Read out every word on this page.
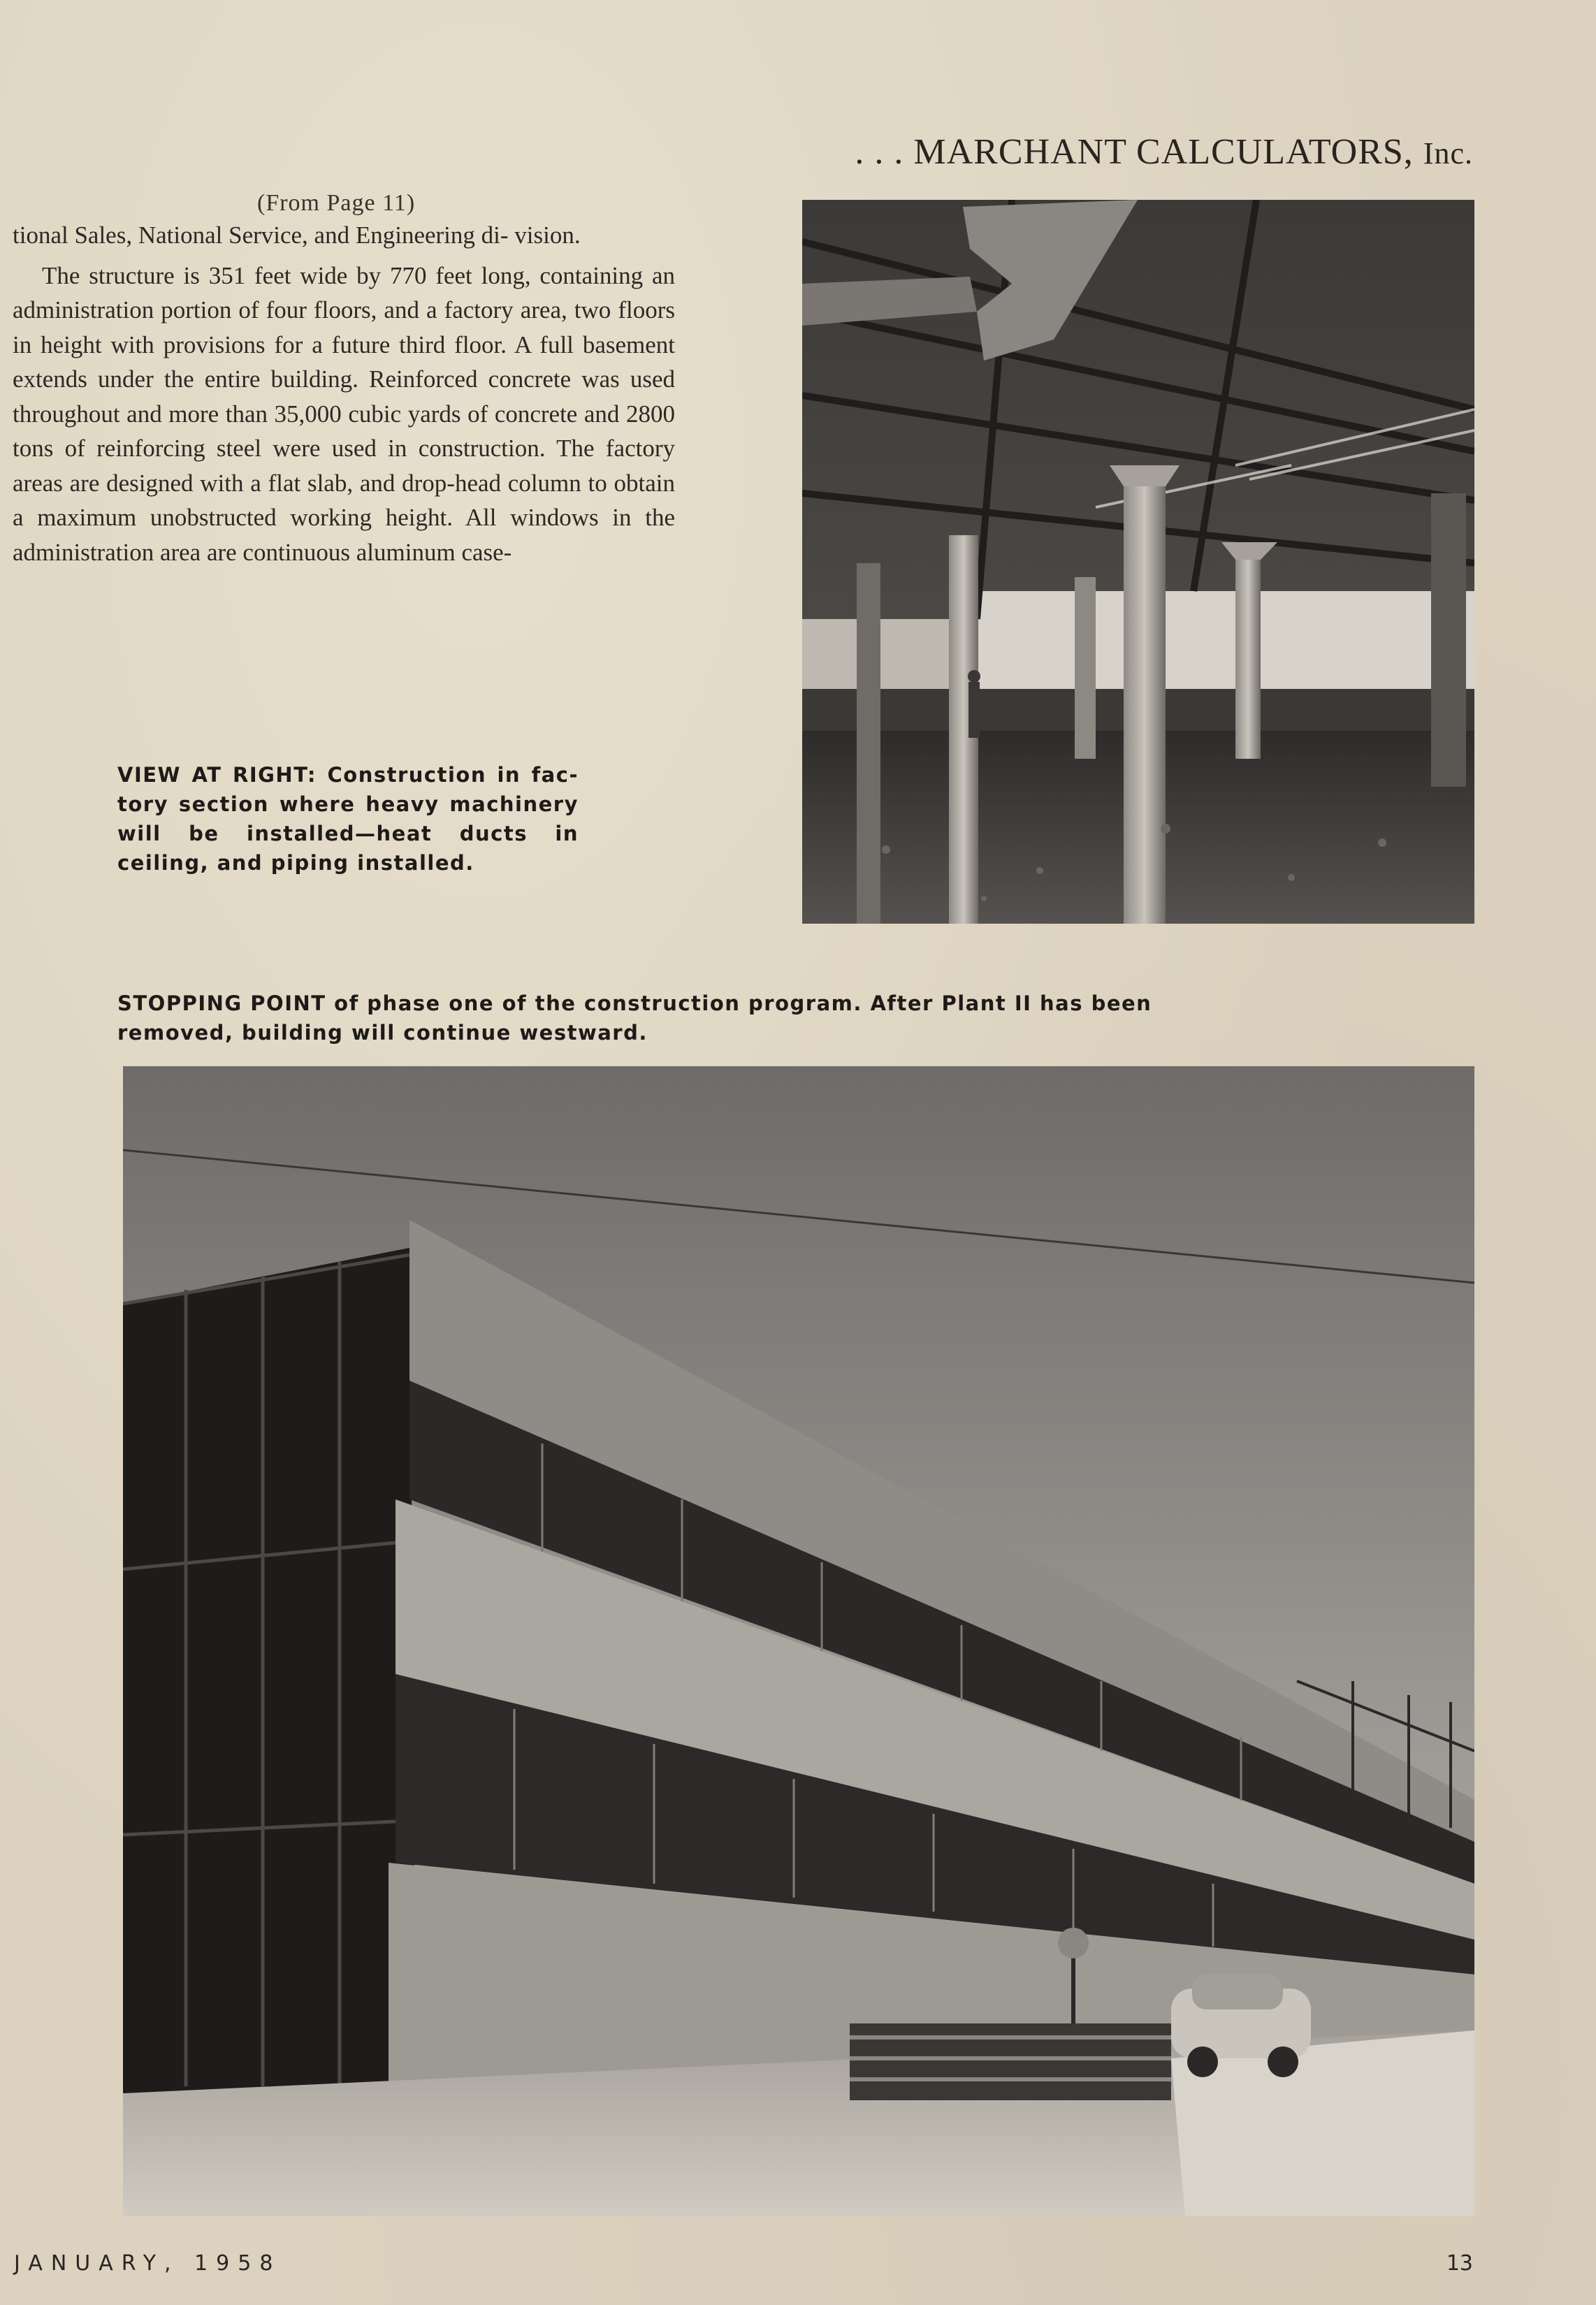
. . . MARCHANT CALCULATORS, Inc.
(From Page 11)

tional Sales, National Service, and Engineering di- vision.

The structure is 351 feet wide by 770 feet long, containing an administration portion of four floors, and a factory area, two floors in height with provisions for a future third floor. A full basement extends under the entire building. Reinforced concrete was used throughout and more than 35,000 cubic yards of concrete and 2800 tons of reinforcing steel were used in construction. The factory areas are designed with a flat slab, and drop-head column to obtain a maximum unobstructed working height. All windows in the administration area are continuous aluminum case-

VIEW AT RIGHT: Construction in fac- tory section where heavy machinery will be installed—heat ducts in ceiling, and piping installed.
STOPPING POINT of phase one of the construction program. After Plant II has been removed, building will continue westward.
JANUARY, 1958	13
